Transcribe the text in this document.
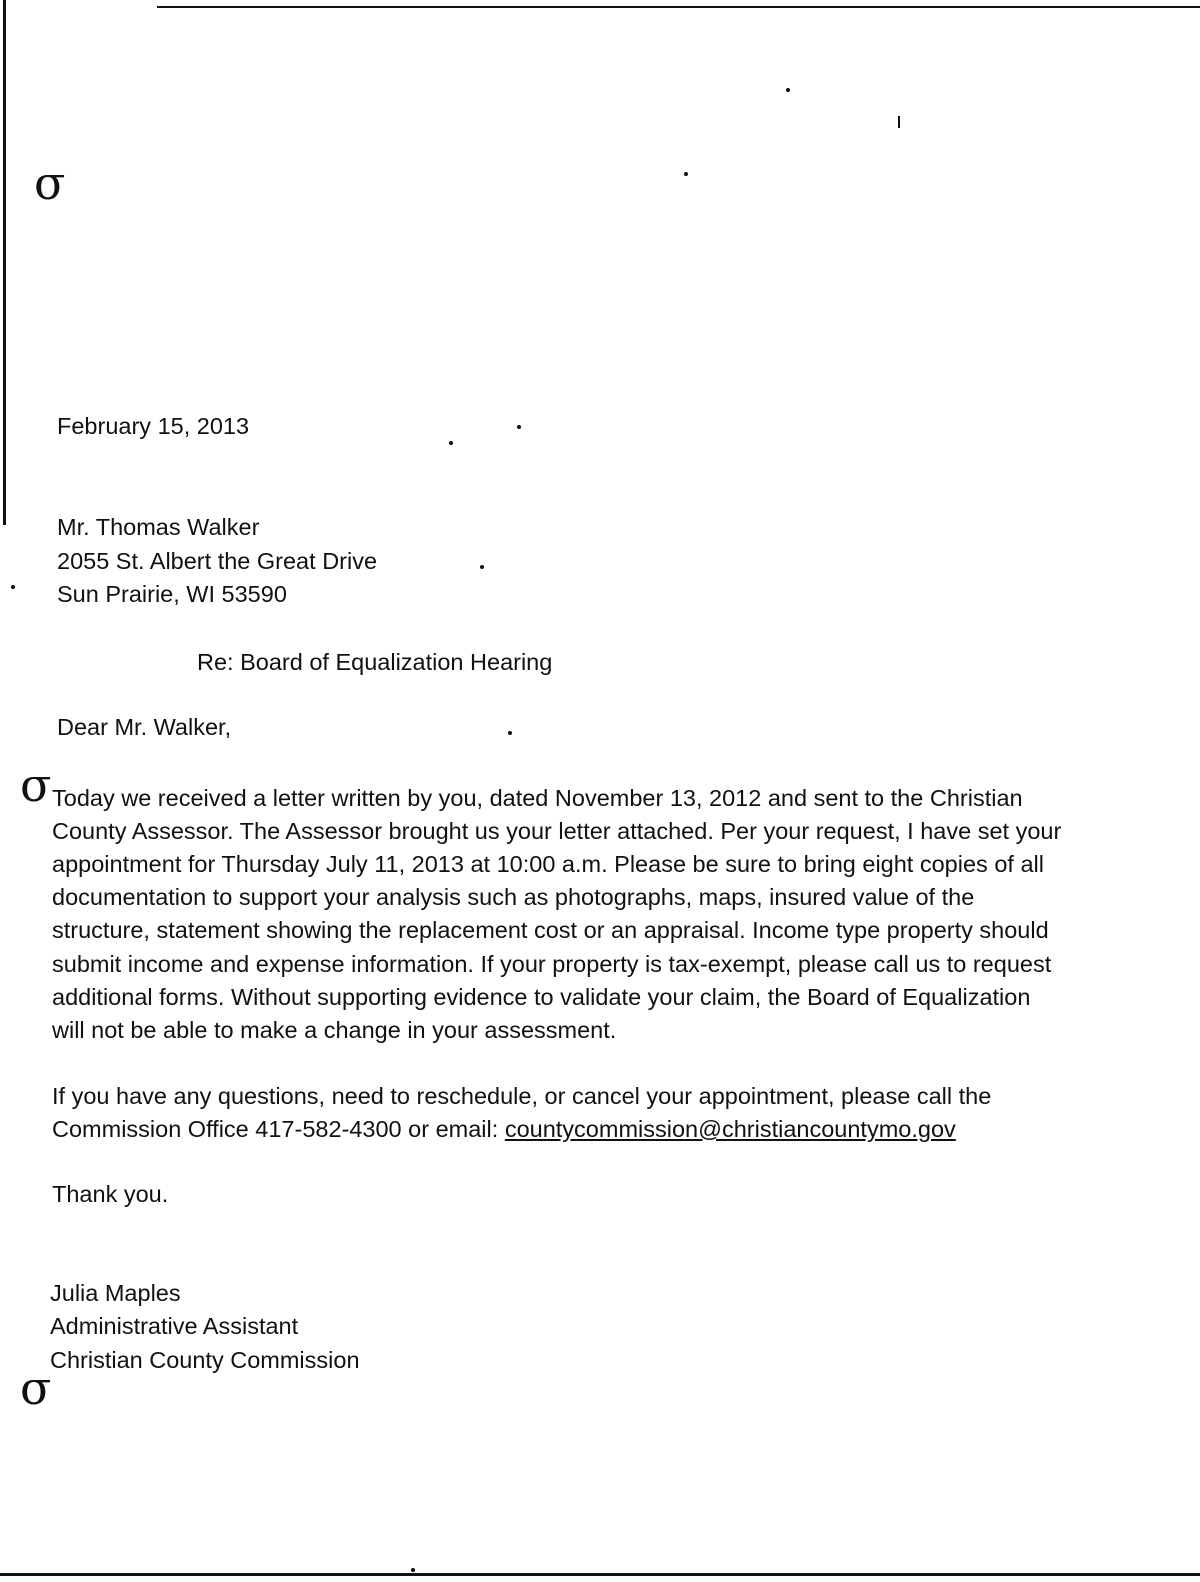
σ
σ
σ
February 15, 2013
Mr. Thomas Walker
2055 St. Albert the Great Drive
Sun Prairie, WI 53590
Re: Board of Equalization Hearing
Dear Mr. Walker,
Today we received a letter written by you, dated November 13, 2012 and sent to the Christian
County Assessor. The Assessor brought us your letter attached. Per your request, I have set your
appointment for Thursday July 11, 2013 at 10:00 a.m. Please be sure to bring eight copies of all
documentation to support your analysis such as photographs, maps, insured value of the
structure, statement showing the replacement cost or an appraisal. Income type property should
submit income and expense information. If your property is tax-exempt, please call us to request
additional forms. Without supporting evidence to validate your claim, the Board of Equalization
will not be able to make a change in your assessment.
If you have any questions, need to reschedule, or cancel your appointment, please call the
Commission Office 417-582-4300 or email: countycommission@christiancountymo.gov
Thank you.
Julia Maples
Administrative Assistant
Christian County Commission
